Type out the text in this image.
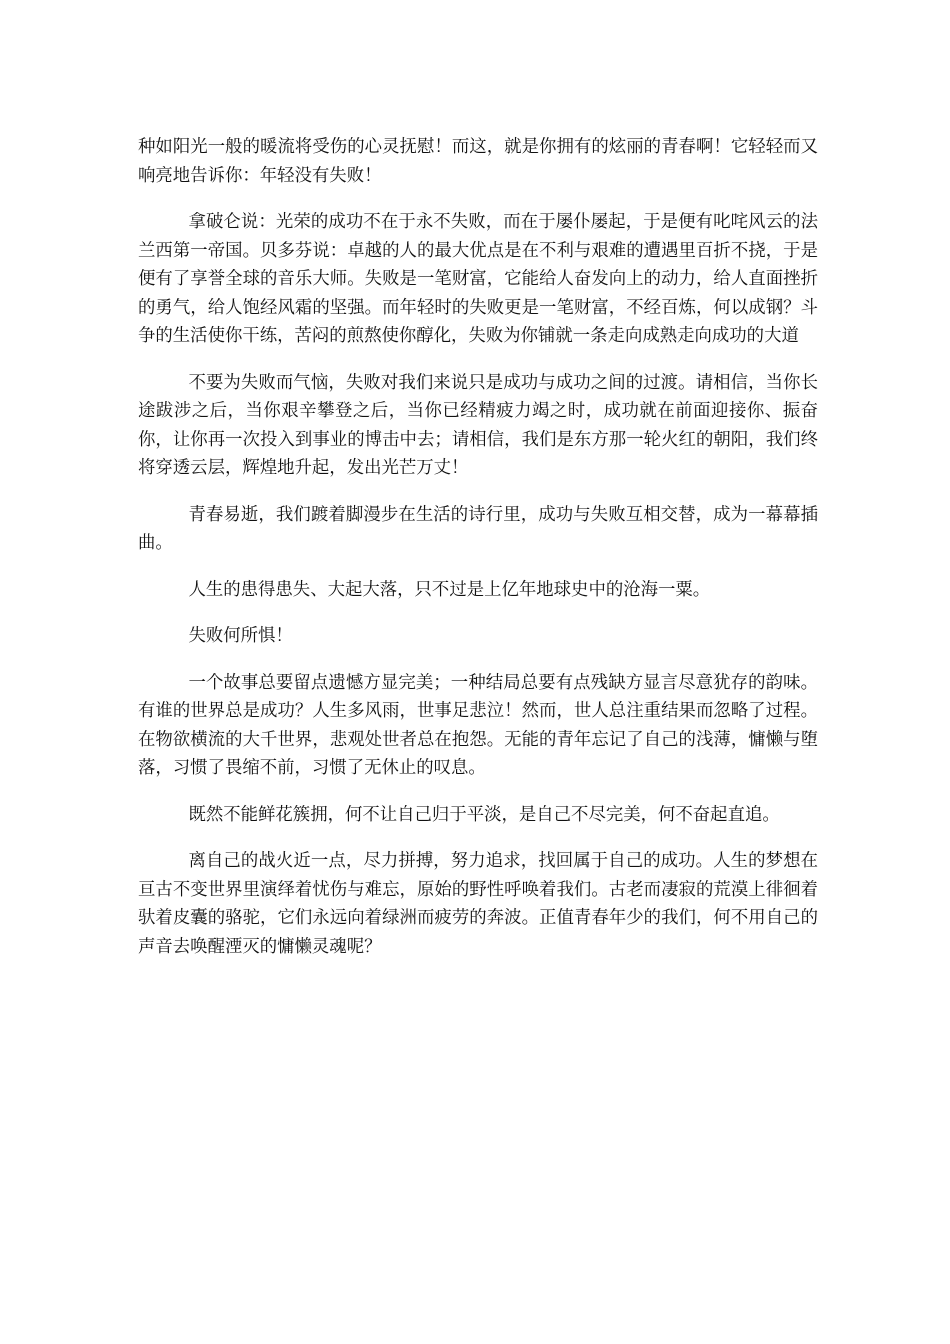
种如阳光一般的暖流将受伤的心灵抚慰！而这，就是你拥有的炫丽的青春啊！它轻轻而又响亮地告诉你：年轻没有失败！

拿破仑说：光荣的成功不在于永不失败，而在于屡仆屡起，于是便有叱咤风云的法兰西第一帝国。贝多芬说：卓越的人的最大优点是在不利与艰难的遭遇里百折不挠，于是便有了享誉全球的音乐大师。失败是一笔财富，它能给人奋发向上的动力，给人直面挫折的勇气，给人饱经风霜的坚强。而年轻时的失败更是一笔财富，不经百炼，何以成钢？斗争的生活使你干练，苦闷的煎熬使你醇化，失败为你铺就一条走向成熟走向成功的大道

不要为失败而气恼，失败对我们来说只是成功与成功之间的过渡。请相信，当你长途跋涉之后，当你艰辛攀登之后，当你已经精疲力竭之时，成功就在前面迎接你、振奋你，让你再一次投入到事业的博击中去；请相信，我们是东方那一轮火红的朝阳，我们终将穿透云层，辉煌地升起，发出光芒万丈！

青春易逝，我们踱着脚漫步在生活的诗行里，成功与失败互相交替，成为一幕幕插曲。

人生的患得患失、大起大落，只不过是上亿年地球史中的沧海一粟。

失败何所惧！

一个故事总要留点遗憾方显完美；一种结局总要有点残缺方显言尽意犹存的韵味。有谁的世界总是成功？人生多风雨，世事足悲泣！然而，世人总注重结果而忽略了过程。在物欲横流的大千世界，悲观处世者总在抱怨。无能的青年忘记了自己的浅薄，慵懒与堕落，习惯了畏缩不前，习惯了无休止的叹息。

既然不能鲜花簇拥，何不让自己归于平淡，是自己不尽完美，何不奋起直追。

离自己的战火近一点，尽力拼搏，努力追求，找回属于自己的成功。人生的梦想在亘古不变世界里演绎着忧伤与难忘，原始的野性呼唤着我们。古老而凄寂的荒漠上徘徊着驮着皮囊的骆驼，它们永远向着绿洲而疲劳的奔波。正值青春年少的我们，何不用自己的声音去唤醒湮灭的慵懒灵魂呢？
